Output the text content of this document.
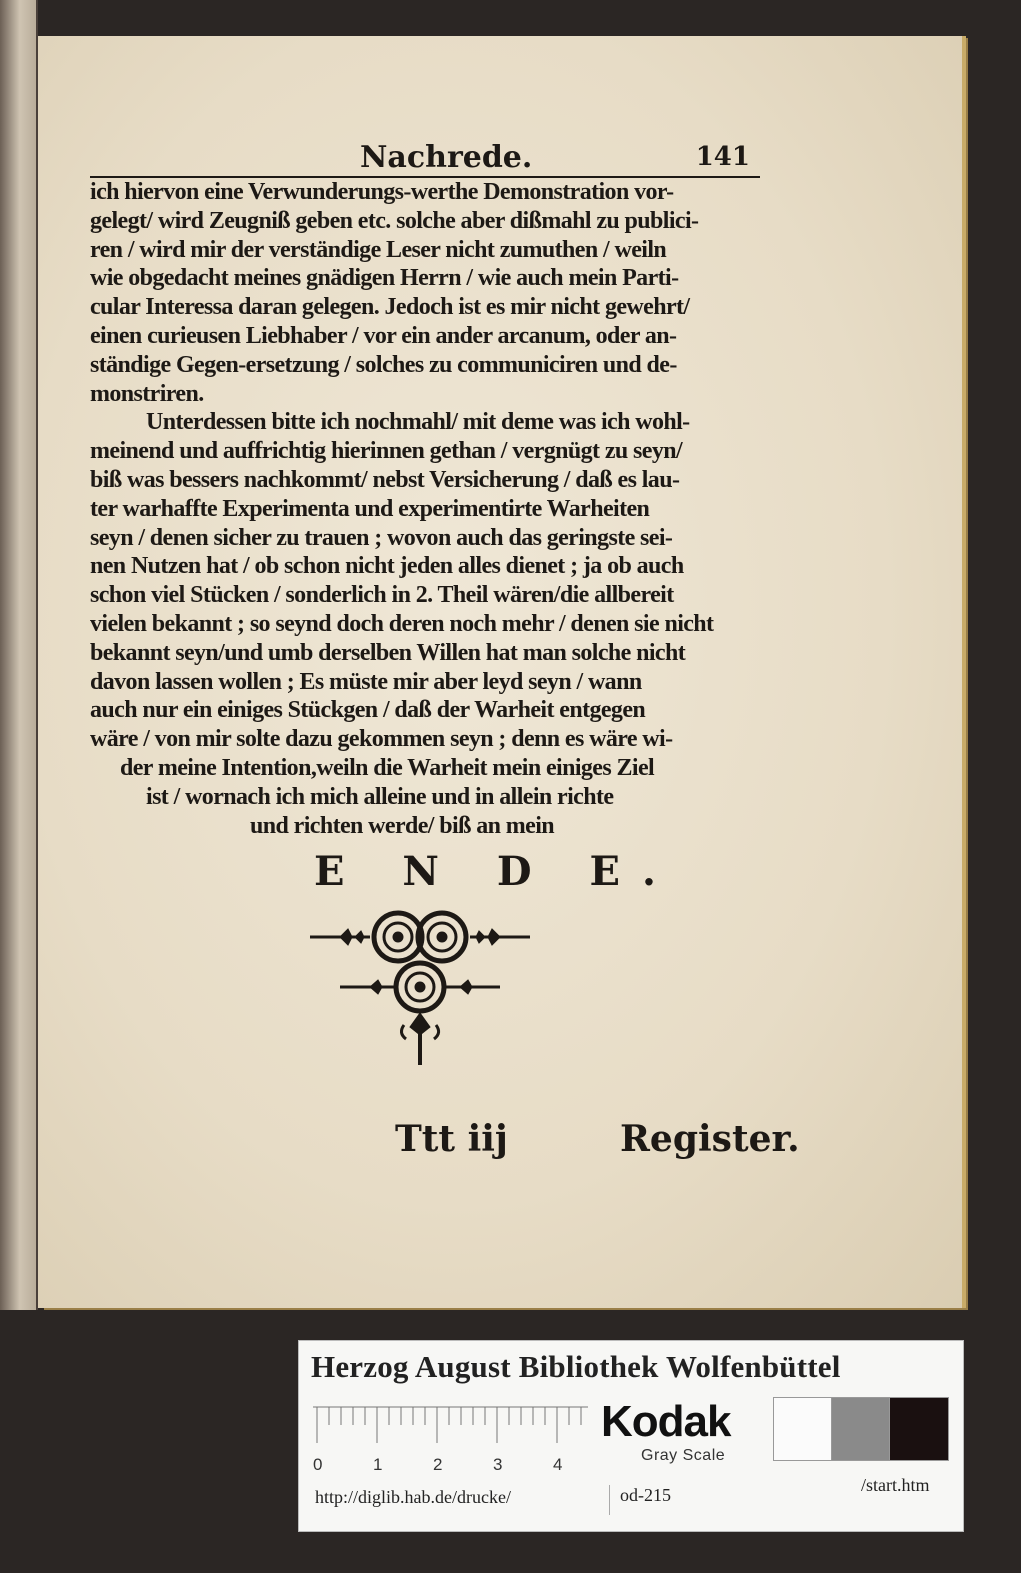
Nachrede.	141
ich hiervon eine Verwunderungs-werthe Demonstration vor-
gelegt/ wird Zeugniß geben etc. solche aber dißmahl zu publici-
ren / wird mir der verständige Leser nicht zumuthen / weiln
wie obgedacht meines gnädigen Herrn / wie auch mein Parti-
cular Interessa daran gelegen. Jedoch ist es mir nicht gewehrt/
einen curieusen Liebhaber / vor ein ander arcanum, oder an-
ständige Gegen-ersetzung / solches zu communiciren und de-
monstriren.
Unterdessen bitte ich nochmahl/ mit deme was ich wohl-
meinend und auffrichtig hierinnen gethan / vergnügt zu seyn/
biß was bessers nachkommt/ nebst Versicherung / daß es lau-
ter warhaffte Experimenta und experimentirte Warheiten
seyn / denen sicher zu trauen ; wovon auch das geringste sei-
nen Nutzen hat / ob schon nicht jeden alles dienet ; ja ob auch
schon viel Stücken / sonderlich in 2. Theil wären/die allbereit
vielen bekannt ; so seynd doch deren noch mehr / denen sie nicht
bekannt seyn/und umb derselben Willen hat man solche nicht
davon lassen wollen ; Es müste mir aber leyd seyn / wann
auch nur ein einiges Stückgen / daß der Warheit entgegen
wäre / von mir solte dazu gekommen seyn ; denn es wäre wi-
der meine Intention,weiln die Warheit mein einiges Ziel
ist / wornach ich mich alleine und in allein richte
und richten werde/ biß an mein
E N D E.
Ttt iij	Register.
Herzog August Bibliothek Wolfenbüttel
0	1	2	3	4
Kodak
Gray Scale
http://diglib.hab.de/drucke/	od-215	/start.htm
